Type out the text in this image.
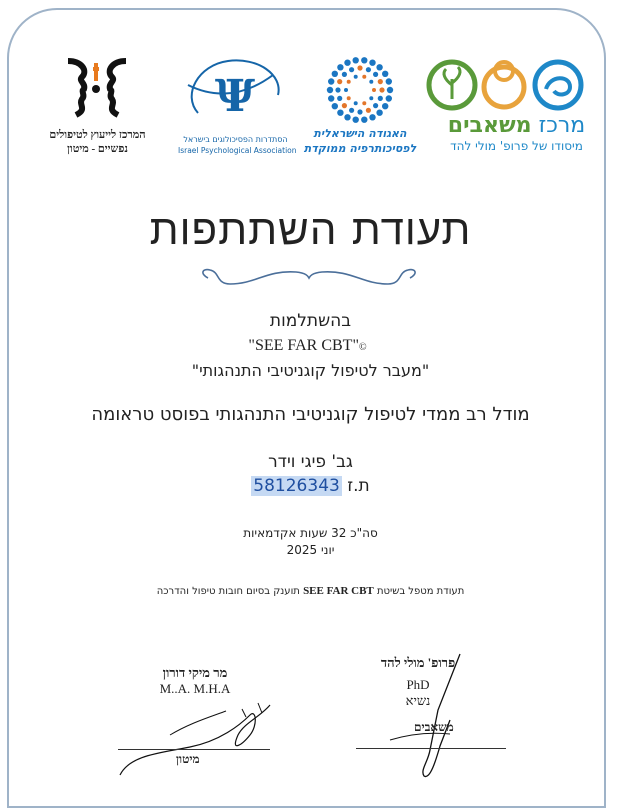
מרכז משאבים
מיסודו של פרופ' מולי להד
האגודה הישראלית
לפסיכותרפיה ממוקדת
Ψ
הסתדרות הפסיכולוגים בישראל
Israel Psychological Association
המרכז לייעוץ לטיפולים
נפשיים - מיטון
תעודת השתתפות
בהשתלמות
"SEE FAR CBT"©
"מעבר לטיפול קוגניטיבי התנהגותי"
מודל רב ממדי לטיפול קוגניטיבי התנהגותי בפוסט טראומה
גב' פיגי וידר
ת.ז 58126343
סה"כ 32 שעות אקדמאיות
יוני 2025
תעודת מטפל בשיטת SEE FAR CBT תוענק בסיום חובות טיפול והדרכה
מר מיקי דורון
M..A. M.H.A
מיטון
פרופ' מולי להד
PhD
נשיא
משאבים
